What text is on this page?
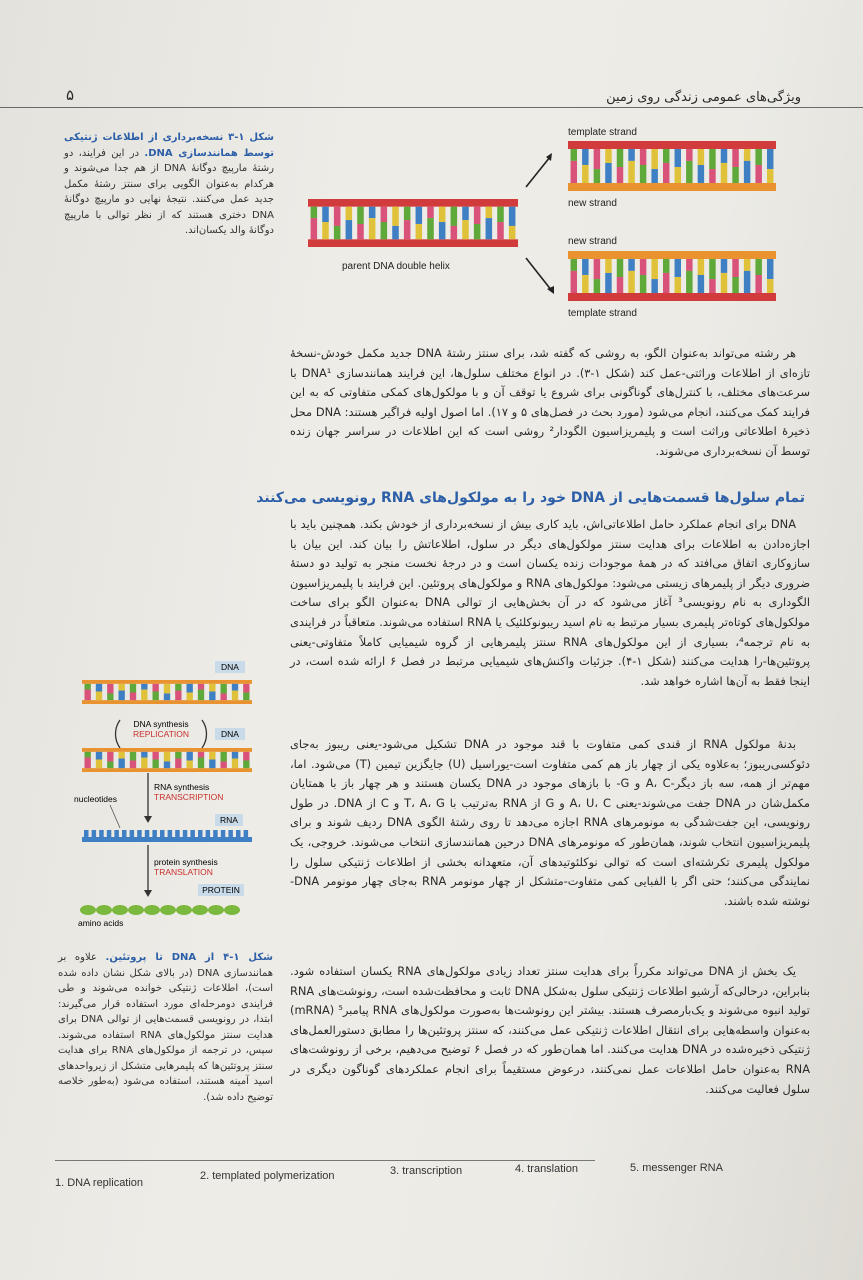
۵	ویژگی‌های عمومی زندگی روی زمین
template strand
new strand
new strand
template strand
parent DNA double helix
شکل ۱-۳ نسخه‌برداری از اطلاعات ژنتیکی توسط همانندسازی DNA. در این فرایند، دو رشتهٔ مارپیچ دوگانهٔ DNA از هم جدا می‌شوند و هرکدام به‌عنوان الگویی برای سنتز رشتهٔ مکمل جدید عمل می‌کنند. نتیجهٔ نهایی دو مارپیچ دوگانهٔ DNA دختری هستند که از نظر توالی با مارپیچ دوگانهٔ والد یکسان‌اند.
DNA
DNA synthesis
REPLICATION	DNA
RNA synthesis
TRANSCRIPTION
nucleotides
RNA
protein synthesis
TRANSLATION
PROTEIN
amino acids
شکل ۱-۴ از DNA تا پروتئین. علاوه بر همانندسازی DNA (در بالای شکل نشان داده شده است)، اطلاعات ژنتیکی خوانده می‌شوند و طی فرایندی دومرحله‌ای مورد استفاده قرار می‌گیرند: ابتدا، در رونویسی قسمت‌هایی از توالی DNA برای هدایت سنتز مولکول‌های RNA استفاده می‌شوند. سپس، در ترجمه از مولکول‌های RNA برای هدایت سنتز پروتئین‌ها که پلیمرهایی متشکل از زیرواحدهای اسید آمینه هستند، استفاده می‌شود (به‌طور خلاصه توضیح داده شد).

هر رشته می‌تواند به‌عنوان الگو، به روشی که گفته شد، برای سنتز رشتهٔ DNA جدید مکمل خودش-نسخهٔ تازه‌ای از اطلاعات وراثتی-عمل کند (شکل ۱-۳). در انواع مختلف سلول‌ها، این فرایند همانندسازی DNA¹ با سرعت‌های مختلف، با کنترل‌های گوناگونی برای شروع یا توقف آن و با مولکول‌های کمکی متفاوتی که به این فرایند کمک می‌کنند، انجام می‌شود (مورد بحث در فصل‌های ۵ و ۱۷). اما اصول اولیه فراگیر هستند: DNA محل ذخیرهٔ اطلاعاتی وراثت است و پلیمریزاسیون الگودار² روشی است که این اطلاعات در سراسر جهان زنده توسط آن نسخه‌برداری می‌شوند.

تمام سلول‌ها قسمت‌هایی از DNA خود را به مولکول‌های RNA رونویسی می‌کنند

DNA برای انجام عملکرد حامل اطلاعاتی‌اش، باید کاری بیش از نسخه‌برداری از خودش بکند. همچنین باید با اجازه‌دادن به اطلاعات برای هدایت سنتز مولکول‌های دیگر در سلول، اطلاعاتش را بیان کند. این بیان با سازوکاری اتفاق می‌افتد که در همهٔ موجودات زنده یکسان است و در درجهٔ نخست منجر به تولید دو دستهٔ ضروری دیگر از پلیمرهای زیستی می‌شود: مولکول‌های RNA و مولکول‌های پروتئین. این فرایند با پلیمریزاسیون الگوداری به نام رونویسی³ آغاز می‌شود که در آن بخش‌هایی از توالی DNA به‌عنوان الگو برای ساخت مولکول‌های کوتاه‌تر پلیمری بسیار مرتبط به نام اسید ریبونوکلئیک یا RNA استفاده می‌شوند. متعاقباً در فرایندی به نام ترجمه⁴، بسیاری از این مولکول‌های RNA سنتز پلیمرهایی از گروه شیمیایی کاملاً متفاوتی-یعنی پروتئین‌ها-را هدایت می‌کنند (شکل ۱-۴). جزئیات واکنش‌های شیمیایی مرتبط در فصل ۶ ارائه شده است، در اینجا فقط به آن‌ها اشاره خواهد شد.

بدنهٔ مولکول RNA از قندی کمی متفاوت با قند موجود در DNA تشکیل می‌شود-یعنی ریبوز به‌جای دئوکسی‌ریبوز؛ به‌علاوه یکی از چهار باز هم کمی متفاوت است-یوراسیل (U) جایگزین تیمین (T) می‌شود. اما، مهم‌تر از همه، سه باز دیگر-A، C و G- با بازهای موجود در DNA یکسان هستند و هر چهار باز با همتایان مکمل‌شان در DNA جفت می‌شوند-یعنی A، U، C و G از RNA به‌ترتیب با T، A، G و C از DNA. در طول رونویسی، این جفت‌شدگی به مونومرهای RNA اجازه می‌دهد تا روی رشتهٔ الگوی DNA ردیف شوند و برای پلیمریزاسیون انتخاب شوند، همان‌طور که مونومرهای DNA درحین همانندسازی انتخاب می‌شوند. خروجی، یک مولکول پلیمری تکرشته‌ای است که توالی نوکلئوتیدهای آن، متعهدانه بخشی از اطلاعات ژنتیکی سلول را نمایندگی می‌کنند؛ حتی اگر با الفبایی کمی متفاوت-متشکل از چهار مونومر RNA به‌جای چهار مونومر DNA-نوشته شده باشند.

یک بخش از DNA می‌تواند مکرراً برای هدایت سنتز تعداد زیادی مولکول‌های RNA یکسان استفاده شود. بنابراین، درحالی‌که آرشیو اطلاعات ژنتیکی سلول به‌شکل DNA ثابت و محافظت‌شده است، رونوشت‌های RNA تولید انبوه می‌شوند و یک‌بارمصرف هستند. بیشتر این رونوشت‌ها به‌صورت مولکول‌های RNA پیامبر⁵ (mRNA) به‌عنوان واسطه‌هایی برای انتقال اطلاعات ژنتیکی عمل می‌کنند، که سنتز پروتئین‌ها را مطابق دستورالعمل‌های ژنتیکی ذخیره‌شده در DNA هدایت می‌کنند. اما همان‌طور که در فصل ۶ توضیح می‌دهیم، برخی از رونوشت‌های RNA به‌عنوان حامل اطلاعات عمل نمی‌کنند، درعوض مستقیماً برای انجام عملکردهای گوناگون دیگری در سلول فعالیت می‌کنند.

1. DNA replication
2. templated polymerization	3. transcription	4. translation	5. messenger RNA
